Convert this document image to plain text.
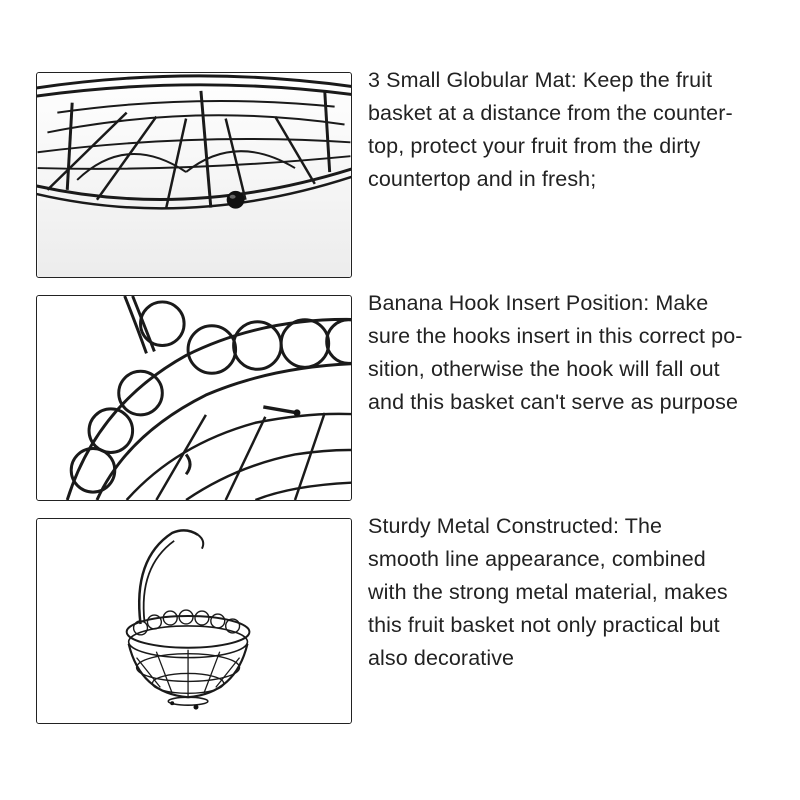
3 Small Globular Mat: Keep the fruit
basket at a distance from the counter-
top, protect your fruit from the dirty
countertop and in fresh;
Banana Hook Insert Position: Make
sure the hooks insert in this correct po-
sition, otherwise the hook will fall out
and this basket can't serve as purpose
Sturdy Metal Constructed: The
smooth line appearance, combined
with the strong metal material, makes
this fruit basket not only practical but
also decorative
